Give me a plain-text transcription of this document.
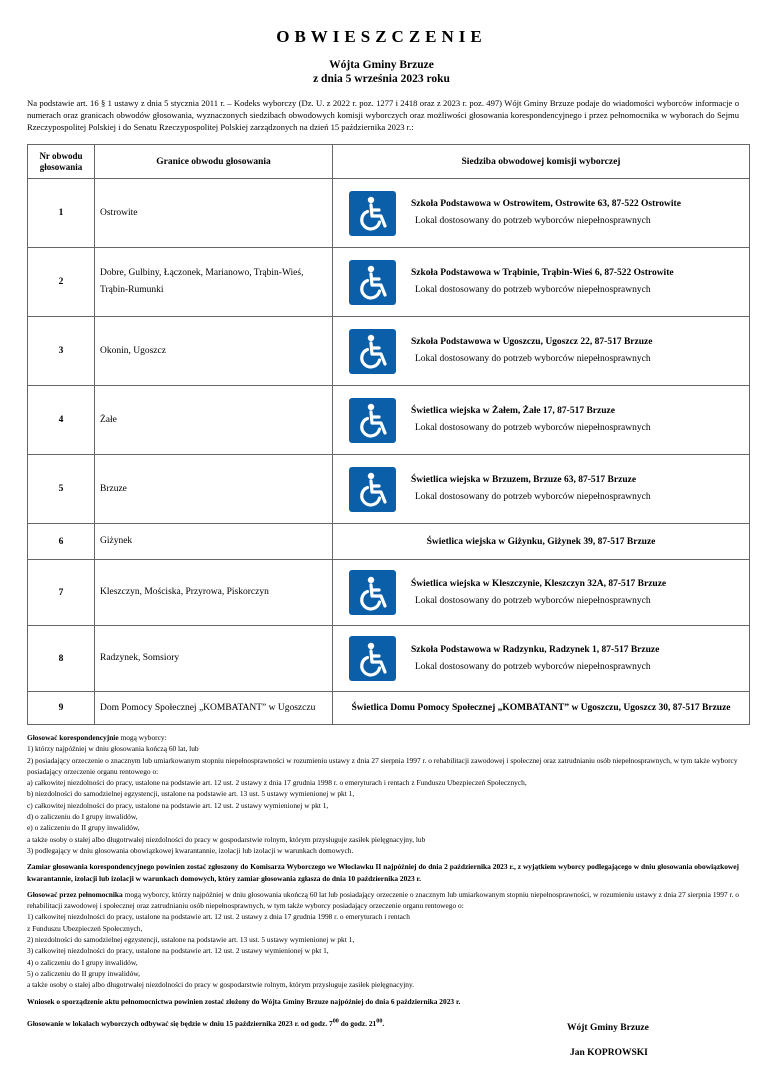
OBWIESZCZENIE
Wójta Gminy Brzuze
z dnia 5 września 2023 roku
Na podstawie art. 16 § 1 ustawy z dnia 5 stycznia 2011 r. – Kodeks wyborczy (Dz. U. z 2022 r. poz. 1277 i 2418 oraz z 2023 r. poz. 497) Wójt Gminy Brzuze podaje do wiadomości wyborców informacje o numerach oraz granicach obwodów głosowania, wyznaczonych siedzibach obwodowych komisji wyborczych oraz możliwości głosowania korespondencyjnego i przez pełnomocnika w wyborach do Sejmu Rzeczypospolitej Polskiej i do Senatu Rzeczypospolitej Polskiej zarządzonych na dzień 15 października 2023 r.:
Nr obwodu głosowania	Granice obwodu głosowania	Siedziba obwodowej komisji wyborczej
1	Ostrowite	Szkoła Podstawowa w Ostrowitem, Ostrowite 63, 87-522 Ostrowite
Lokal dostosowany do potrzeb wyborców niepełnosprawnych

2	Dobre, Gulbiny, Łączonek, Marianowo, Trąbin-Wieś, Trąbin-Rumunki	Szkoła Podstawowa w Trąbinie, Trąbin-Wieś 6, 87-522 Ostrowite
Lokal dostosowany do potrzeb wyborców niepełnosprawnych

3	Okonin, Ugoszcz	Szkoła Podstawowa w Ugoszczu, Ugoszcz 22, 87-517 Brzuze
Lokal dostosowany do potrzeb wyborców niepełnosprawnych

4	Żałe	Świetlica wiejska w Żałem, Żałe 17, 87-517 Brzuze
Lokal dostosowany do potrzeb wyborców niepełnosprawnych

5	Brzuze	Świetlica wiejska w Brzuzem, Brzuze 63, 87-517 Brzuze
Lokal dostosowany do potrzeb wyborców niepełnosprawnych

6	Giżynek	Świetlica wiejska w Giżynku, Giżynek 39, 87-517 Brzuze
7	Kleszczyn, Mościska, Przyrowa, Piskorczyn	Świetlica wiejska w Kleszczynie, Kleszczyn 32A, 87-517 Brzuze
Lokal dostosowany do potrzeb wyborców niepełnosprawnych

8	Radzynek, Somsiory	Szkoła Podstawowa w Radzynku, Radzynek 1, 87-517 Brzuze
Lokal dostosowany do potrzeb wyborców niepełnosprawnych

9	Dom Pomocy Społecznej „KOMBATANT” w Ugoszczu	Świetlica Domu Pomocy Społecznej „KOMBATANT” w Ugoszczu, Ugoszcz 30, 87-517 Brzuze

Głosować korespondencyjnie mogą wyborcy:

1) którzy najpóźniej w dniu głosowania kończą 60 lat, lub

2) posiadający orzeczenie o znacznym lub umiarkowanym stopniu niepełnosprawności w rozumieniu ustawy z dnia 27 sierpnia 1997 r. o rehabilitacji zawodowej i społecznej oraz zatrudnianiu osób niepełnosprawnych, w tym także wyborcy posiadający orzeczenie organu rentowego o:

a) całkowitej niezdolności do pracy, ustalone na podstawie art. 12 ust. 2 ustawy z dnia 17 grudnia 1998 r. o emeryturach i rentach z Funduszu Ubezpieczeń Społecznych,

b) niezdolności do samodzielnej egzystencji, ustalone na podstawie art. 13 ust. 5 ustawy wymienionej w pkt 1,

c) całkowitej niezdolności do pracy, ustalone na podstawie art. 12 ust. 2 ustawy wymienionej w pkt 1,

d) o zaliczeniu do I grupy inwalidów,

e) o zaliczeniu do II grupy inwalidów,

a także osoby o stałej albo długotrwałej niezdolności do pracy w gospodarstwie rolnym, którym przysługuje zasiłek pielęgnacyjny, lub

3) podlegający w dniu głosowania obowiązkowej kwarantannie, izolacji lub izolacji w warunkach domowych.

Zamiar głosowania korespondencyjnego powinien zostać zgłoszony do Komisarza Wyborczego we Włocławku II najpóźniej do dnia 2 października 2023 r., z wyjątkiem wyborcy podlegającego w dniu głosowania obowiązkowej kwarantannie, izolacji lub izolacji w warunkach domowych, który zamiar głosowania zgłasza do dnia 10 października 2023 r.

Głosować przez pełnomocnika mogą wyborcy, którzy najpóźniej w dniu głosowania ukończą 60 lat lub posiadający orzeczenie o znacznym lub umiarkowanym stopniu niepełnosprawności, w rozumieniu ustawy z dnia 27 sierpnia 1997 r. o rehabilitacji zawodowej i społecznej oraz zatrudnianiu osób niepełnosprawnych, w tym także wyborcy posiadający orzeczenie organu rentowego o:

1) całkowitej niezdolności do pracy, ustalone na podstawie art. 12 ust. 2 ustawy z dnia 17 grudnia 1998 r. o emeryturach i rentach

z Funduszu Ubezpieczeń Społecznych,

2) niezdolności do samodzielnej egzystencji, ustalone na podstawie art. 13 ust. 5 ustawy wymienionej w pkt 1,

3) całkowitej niezdolności do pracy, ustalone na podstawie art. 12 ust. 2 ustawy wymienionej w pkt 1,

4) o zaliczeniu do I grupy inwalidów,

5) o zaliczeniu do II grupy inwalidów,

a także osoby o stałej albo długotrwałej niezdolności do pracy w gospodarstwie rolnym, którym przysługuje zasiłek pielęgnacyjny.

Wniosek o sporządzenie aktu pełnomocnictwa powinien zostać złożony do Wójta Gminy Brzuze najpóźniej do dnia 6 października 2023 r.

Głosowanie w lokalach wyborczych odbywać się będzie w dniu 15 października 2023 r. od godz. $7^{00}$ do godz. $21^{00}$.	Wójt Gminy Brzuze
Jan KOPROWSKI
